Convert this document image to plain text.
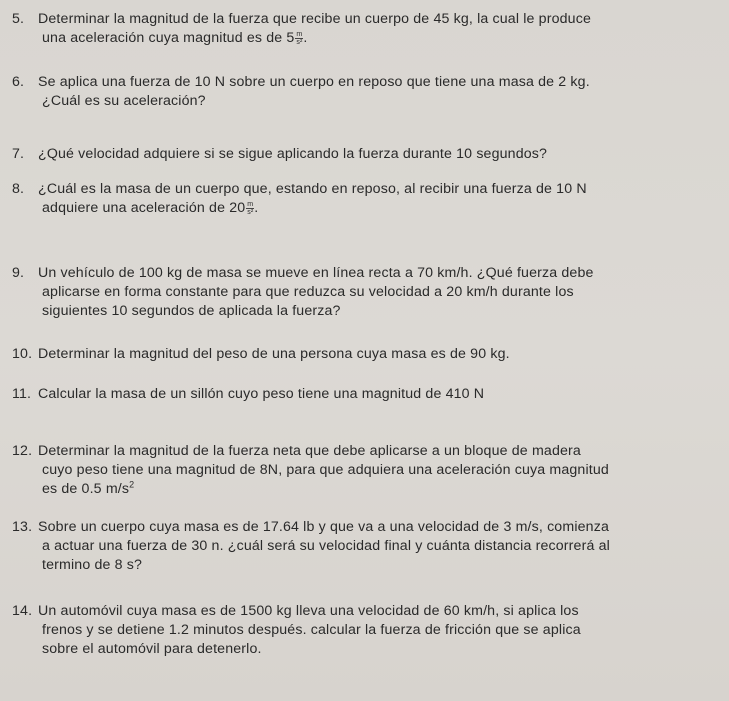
5. Determinar la magnitud de la fuerza que recibe un cuerpo de 45 kg, la cual le produce
una aceleración cuya magnitud es de $5 \frac{m}{\text{s²}}$ .
6. Se aplica una fuerza de 10 N sobre un cuerpo en reposo que tiene una masa de 2 kg.
¿Cuál es su aceleración?
7. ¿Qué velocidad adquiere si se sigue aplicando la fuerza durante 10 segundos?
8. ¿Cuál es la masa de un cuerpo que, estando en reposo, al recibir una fuerza de 10 N
adquiere una aceleración de $20 \frac{m}{\text{s²}}$ .
9. Un vehículo de 100 kg de masa se mueve en línea recta a 70 km/h. ¿Qué fuerza debe
aplicarse en forma constante para que reduzca su velocidad a 20 km/h durante los
siguientes 10 segundos de aplicada la fuerza?
10. Determinar la magnitud del peso de una persona cuya masa es de 90 kg.
11. Calcular la masa de un sillón cuyo peso tiene una magnitud de 410 N
12. Determinar la magnitud de la fuerza neta que debe aplicarse a un bloque de madera
cuyo peso tiene una magnitud de 8N, para que adquiera una aceleración cuya magnitud
es de 0.5 $m/s^2$
13. Sobre un cuerpo cuya masa es de 17.64 lb y que va a una velocidad de 3 m/s, comienza
a actuar una fuerza de 30 n. ¿cuál será su velocidad final y cuánta distancia recorrerá al
termino de 8 s?
14. Un automóvil cuya masa es de 1500 kg lleva una velocidad de 60 km/h, si aplica los
frenos y se detiene 1.2 minutos después. calcular la fuerza de fricción que se aplica
sobre el automóvil para detenerlo.
